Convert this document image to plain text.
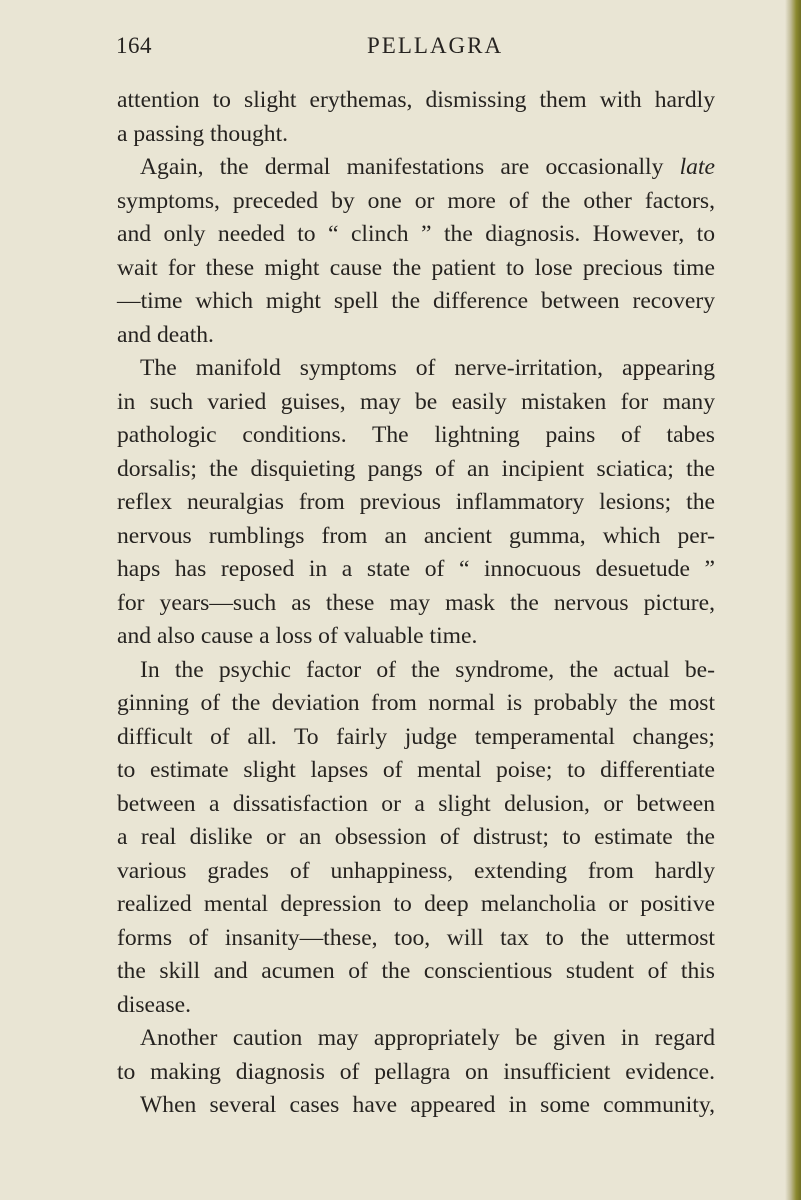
164	PELLAGRA
attention to slight erythemas, dismissing them with hardly
a passing thought.
Again, the dermal manifestations are occasionally late
symptoms, preceded by one or more of the other factors,
and only needed to “ clinch ” the diagnosis. However, to
wait for these might cause the patient to lose precious time
—time which might spell the difference between recovery
and death.
The manifold symptoms of nerve-irritation, appearing
in such varied guises, may be easily mistaken for many
pathologic conditions. The lightning pains of tabes
dorsalis; the disquieting pangs of an incipient sciatica; the
reflex neuralgias from previous inflammatory lesions; the
nervous rumblings from an ancient gumma, which per-
haps has reposed in a state of “ innocuous desuetude ”
for years—such as these may mask the nervous picture,
and also cause a loss of valuable time.
In the psychic factor of the syndrome, the actual be-
ginning of the deviation from normal is probably the most
difficult of all. To fairly judge temperamental changes;
to estimate slight lapses of mental poise; to differentiate
between a dissatisfaction or a slight delusion, or between
a real dislike or an obsession of distrust; to estimate the
various grades of unhappiness, extending from hardly
realized mental depression to deep melancholia or positive
forms of insanity—these, too, will tax to the uttermost
the skill and acumen of the conscientious student of this
disease.
Another caution may appropriately be given in regard
to making diagnosis of pellagra on insufficient evidence.
When several cases have appeared in some community,
